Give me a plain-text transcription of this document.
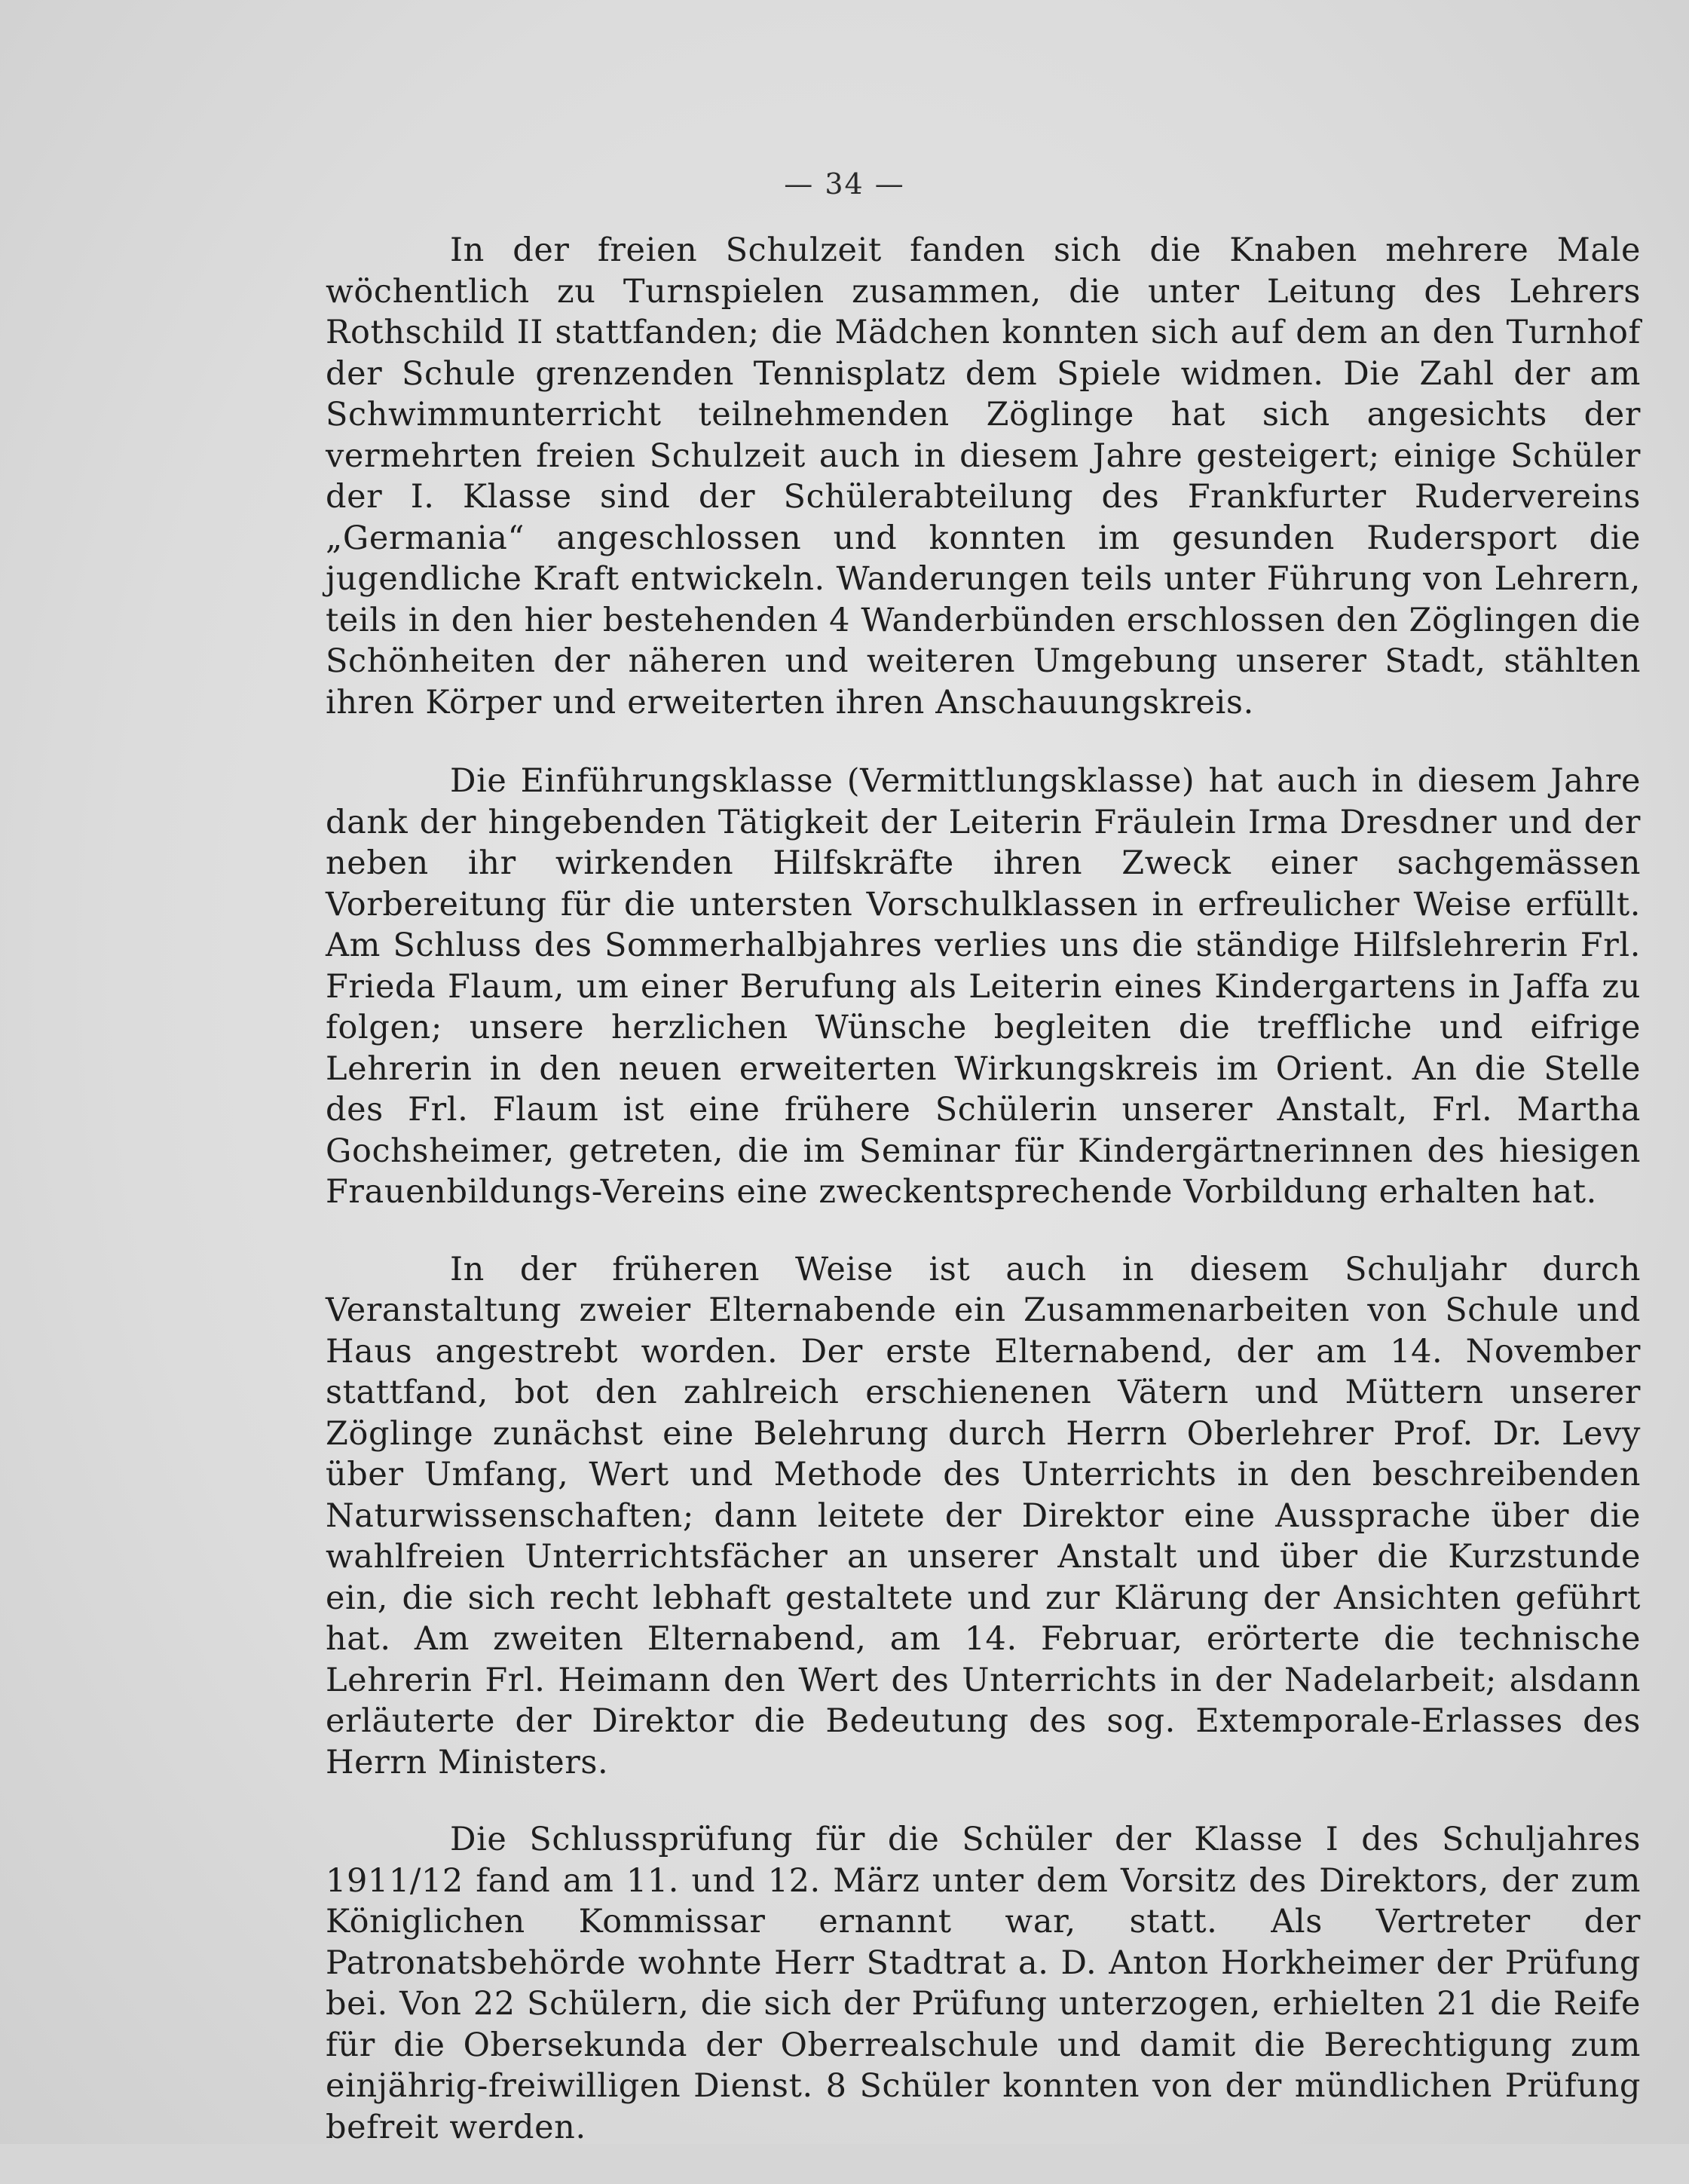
— 34 —

In der freien Schulzeit fanden sich die Knaben mehrere Male wöchentlich zu Turnspielen zusammen, die unter Leitung des Lehrers Rothschild II stattfanden; die Mädchen konnten sich auf dem an den Turnhof der Schule grenzenden Tennisplatz dem Spiele widmen. Die Zahl der am Schwimmunterricht teilnehmenden Zöglinge hat sich angesichts der vermehrten freien Schulzeit auch in diesem Jahre gesteigert; einige Schüler der I. Klasse sind der Schülerabteilung des Frankfurter Rudervereins „Germania“ angeschlossen und konnten im gesunden Rudersport die jugendliche Kraft entwickeln. Wanderungen teils unter Führung von Lehrern, teils in den hier bestehenden 4 Wanderbünden erschlossen den Zöglingen die Schönheiten der näheren und weiteren Umgebung unserer Stadt, stählten ihren Körper und erweiterten ihren Anschauungskreis.

Die Einführungsklasse (Vermittlungsklasse) hat auch in diesem Jahre dank der hingebenden Tätigkeit der Leiterin Fräulein Irma Dresdner und der neben ihr wirkenden Hilfskräfte ihren Zweck einer sachgemässen Vorbereitung für die untersten Vorschulklassen in erfreulicher Weise erfüllt. Am Schluss des Sommerhalbjahres verlies uns die ständige Hilfslehrerin Frl. Frieda Flaum, um einer Berufung als Leiterin eines Kindergartens in Jaffa zu folgen; unsere herzlichen Wünsche begleiten die treffliche und eifrige Lehrerin in den neuen erweiterten Wirkungskreis im Orient. An die Stelle des Frl. Flaum ist eine frühere Schülerin unserer Anstalt, Frl. Martha Gochsheimer, getreten, die im Seminar für Kindergärtnerinnen des hiesigen Frauenbildungs-Vereins eine zweckentsprechende Vorbildung erhalten hat.

In der früheren Weise ist auch in diesem Schuljahr durch Veranstaltung zweier Elternabende ein Zusammenarbeiten von Schule und Haus angestrebt worden. Der erste Elternabend, der am 14. November stattfand, bot den zahlreich erschienenen Vätern und Müttern unserer Zöglinge zunächst eine Belehrung durch Herrn Oberlehrer Prof. Dr. Levy über Umfang, Wert und Methode des Unterrichts in den beschreibenden Naturwissenschaften; dann leitete der Direktor eine Aussprache über die wahlfreien Unterrichtsfächer an unserer Anstalt und über die Kurzstunde ein, die sich recht lebhaft gestaltete und zur Klärung der Ansichten geführt hat. Am zweiten Elternabend, am 14. Februar, erörterte die technische Lehrerin Frl. Heimann den Wert des Unterrichts in der Nadelarbeit; alsdann erläuterte der Direktor die Bedeutung des sog. Extemporale-Erlasses des Herrn Ministers.

Die Schlussprüfung für die Schüler der Klasse I des Schuljahres 1911/12 fand am 11. und 12. März unter dem Vorsitz des Direktors, der zum Königlichen Kommissar ernannt war, statt. Als Vertreter der Patronatsbehörde wohnte Herr Stadtrat a. D. Anton Horkheimer der Prüfung bei. Von 22 Schülern, die sich der Prüfung unterzogen, erhielten 21 die Reife für die Obersekunda der Oberrealschule und damit die Berechtigung zum einjährig-freiwilligen Dienst. 8 Schüler konnten von der mündlichen Prüfung befreit werden.
